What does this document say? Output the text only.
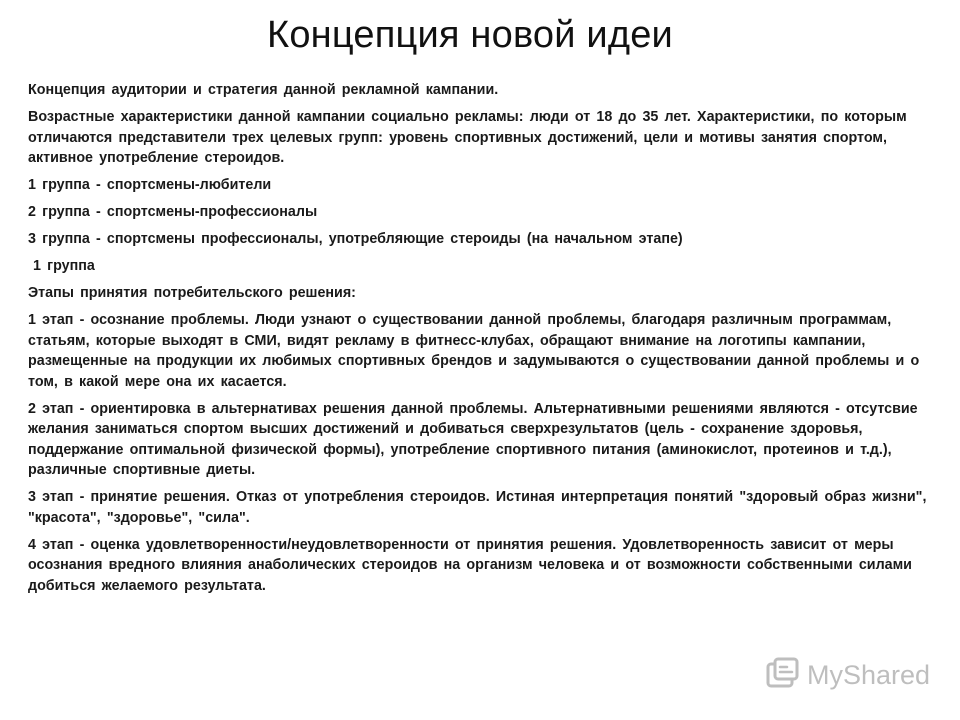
Концепция новой идеи

Концепция аудитории и стратегия данной рекламной кампании.

Возрастные характеристики данной кампании социально рекламы: люди от 18 до 35 лет. Характеристики, по которым отличаются представители трех целевых групп: уровень спортивных достижений, цели и мотивы занятия спортом, активное употребление стероидов.

1 группа - спортсмены-любители

2 группа - спортсмены-профессионалы

3 группа - спортсмены профессионалы, употребляющие стероиды (на начальном этапе)

1 группа

Этапы принятия потребительского решения:

1 этап - осознание проблемы. Люди узнают о существовании данной проблемы, благодаря различным программам, статьям, которые выходят в СМИ, видят рекламу в фитнесс-клубах, обращают внимание на логотипы кампании, размещенные на продукции их любимых спортивных брендов и задумываются о существовании данной проблемы и о том, в какой мере она их касается.

2 этап - ориентировка в альтернативах решения данной проблемы. Альтернативными решениями являются - отсутсвие желания заниматься спортом высших достижений и добиваться сверхрезультатов (цель - сохранение здоровья, поддержание оптимальной физической формы), употребление спортивного питания (аминокислот, протеинов и т.д.), различные спортивные диеты.

3 этап - принятие решения. Отказ от употребления стероидов. Истиная интерпретация понятий "здоровый образ жизни", "красота", "здоровье", "сила".

4 этап - оценка удовлетворенности/неудовлетворенности от принятия решения. Удовлетворенность зависит от меры осознания вредного влияния анаболических стероидов на организм человека и от возможности собственными силами добиться желаемого результата.

MyShared
